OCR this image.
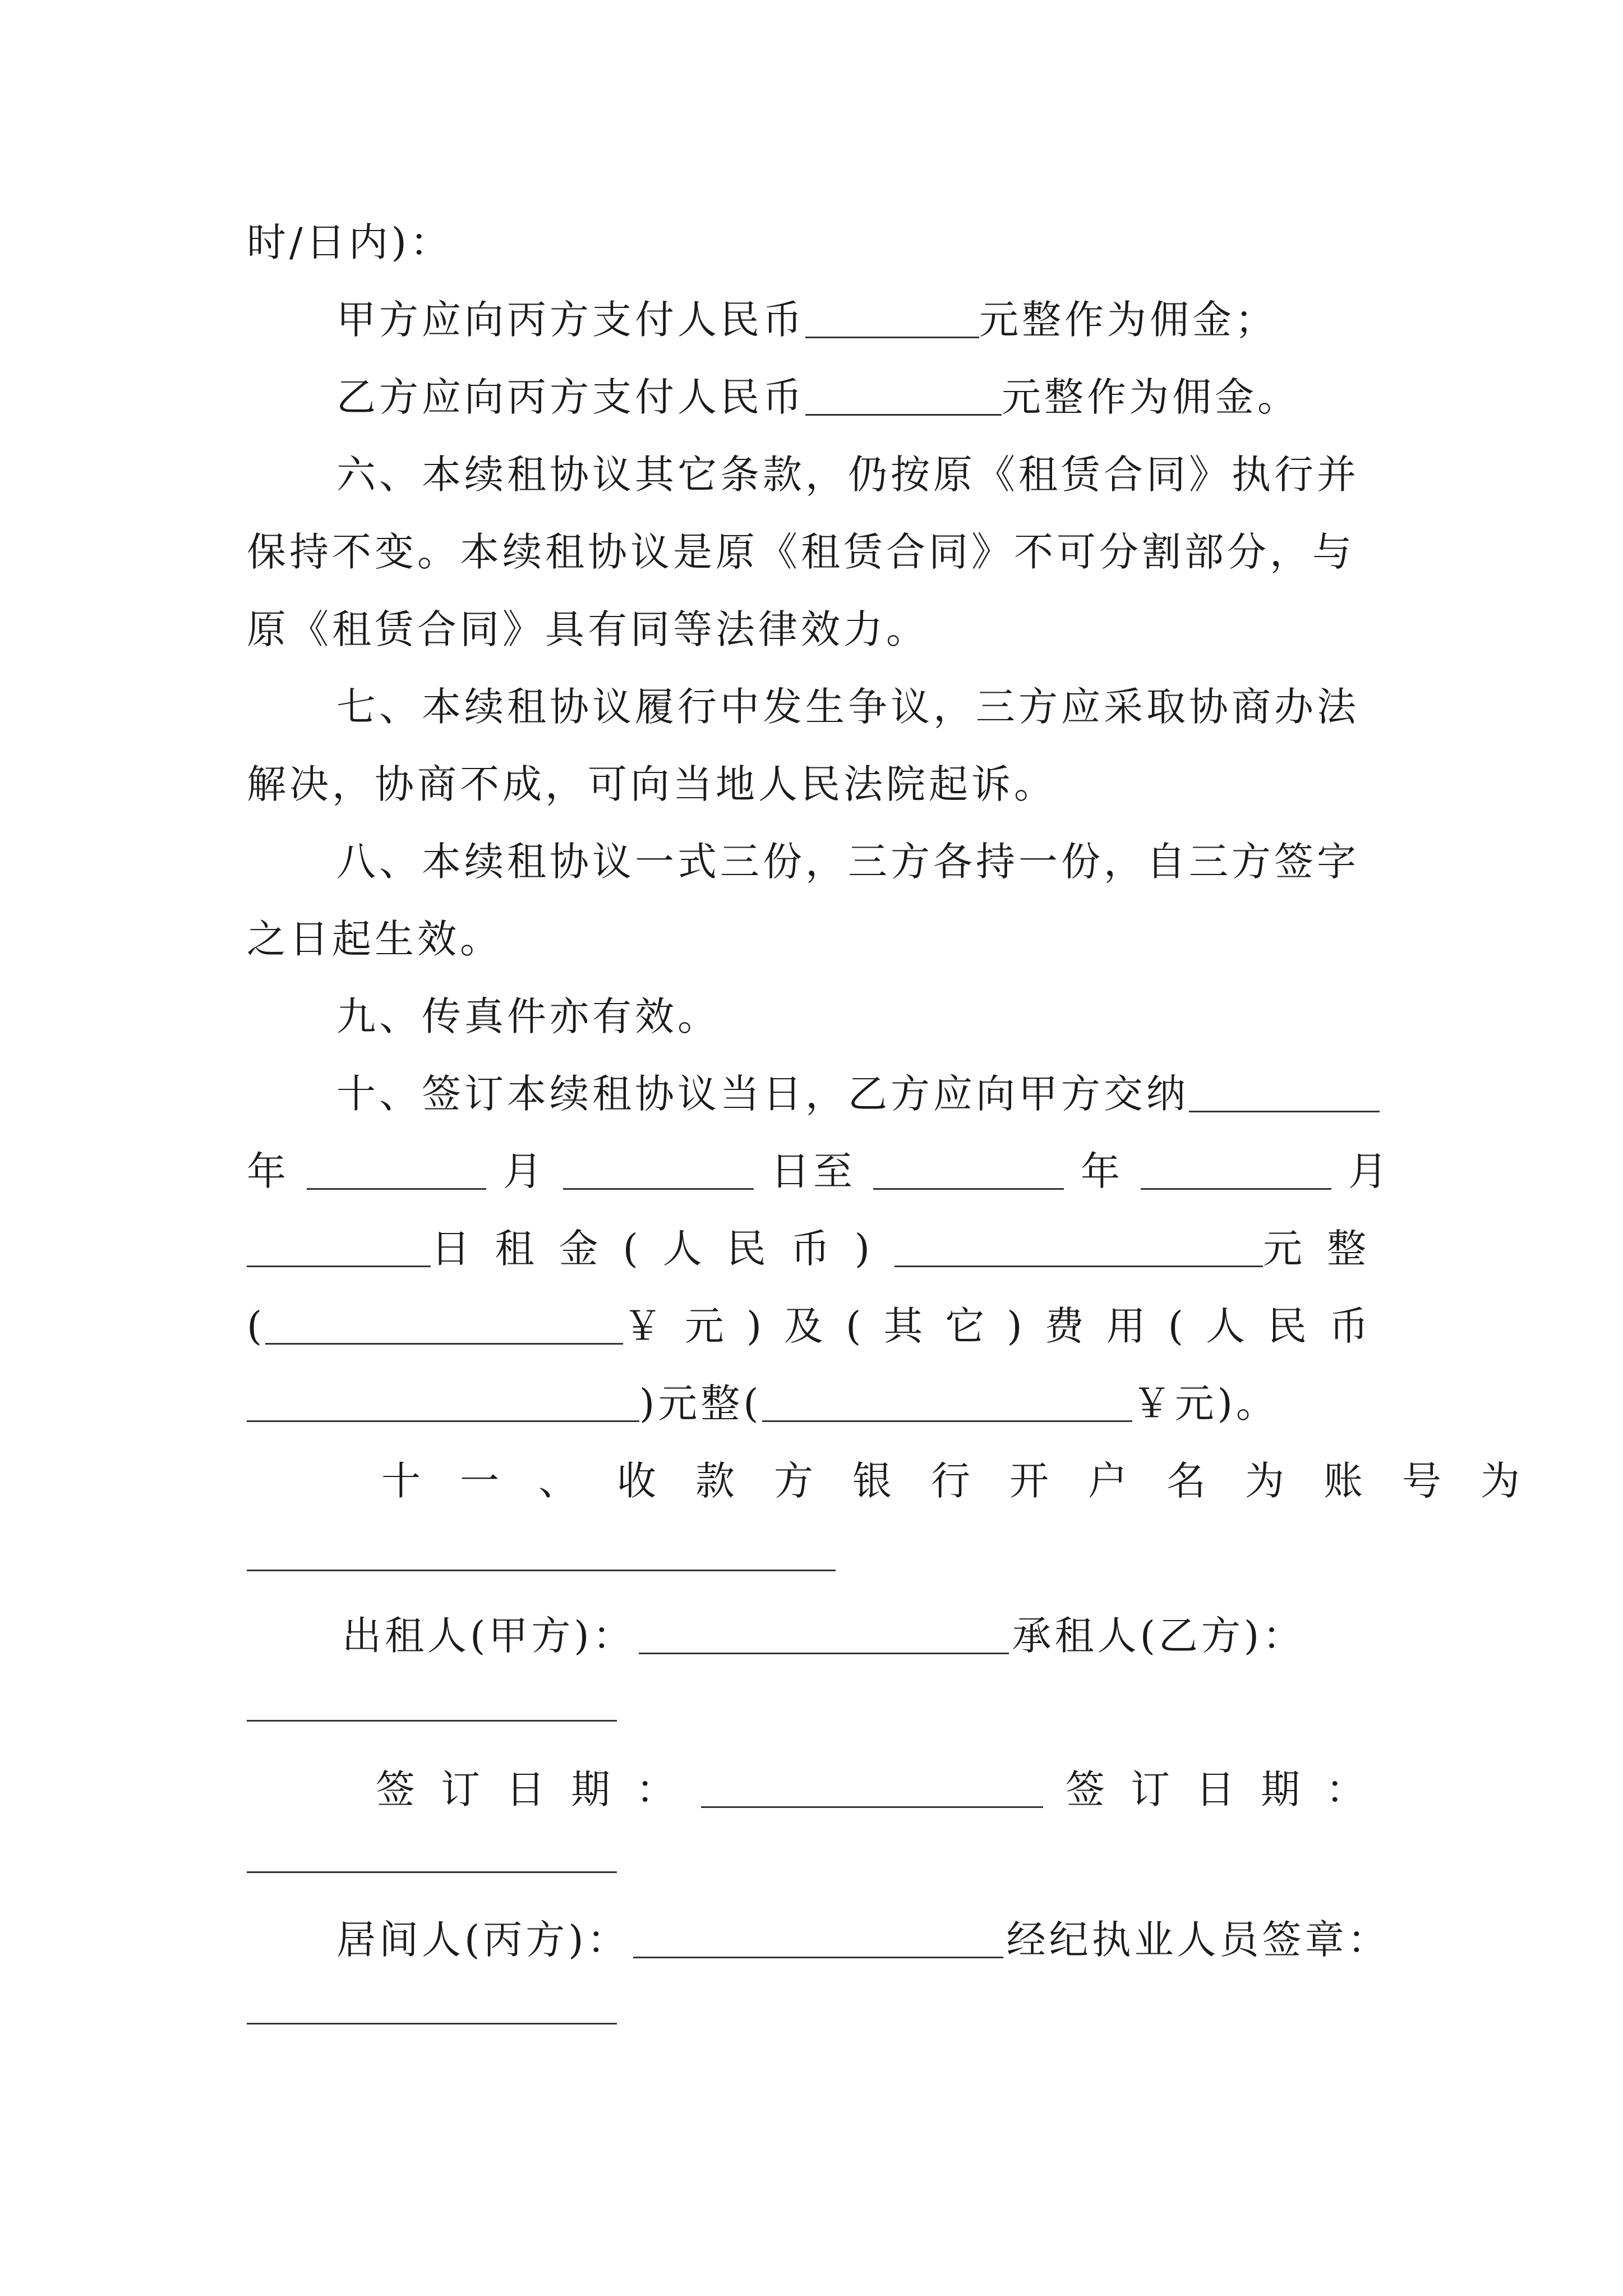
时/日内)：
甲方应向丙方支付人民币	元整作为佣金；
乙方应向丙方支付人民币	元整作为佣金。
六、本续租协议其它条款，仍按原《租赁合同》执行并
保持不变。本续租协议是原《租赁合同》不可分割部分，与
原《租赁合同》具有同等法律效力。
七、本续租协议履行中发生争议，三方应采取协商办法
解决，协商不成，可向当地人民法院起诉。
八、本续租协议一式三份，三方各持一份，自三方签字
之日起生效。
九、传真件亦有效。
十、签订本续租协议当日，乙方应向甲方交纳
年	月	日至	年	月
日租金(人民币)	元整
(	￥元)及(其它)费用(人民币
)元整(	￥元)。
十一、收款方银行开户名为账号为
出租人(甲方)：	承租人(乙方)：
签订日期：	签订日期：
居间人(丙方)：	经纪执业人员签章：
